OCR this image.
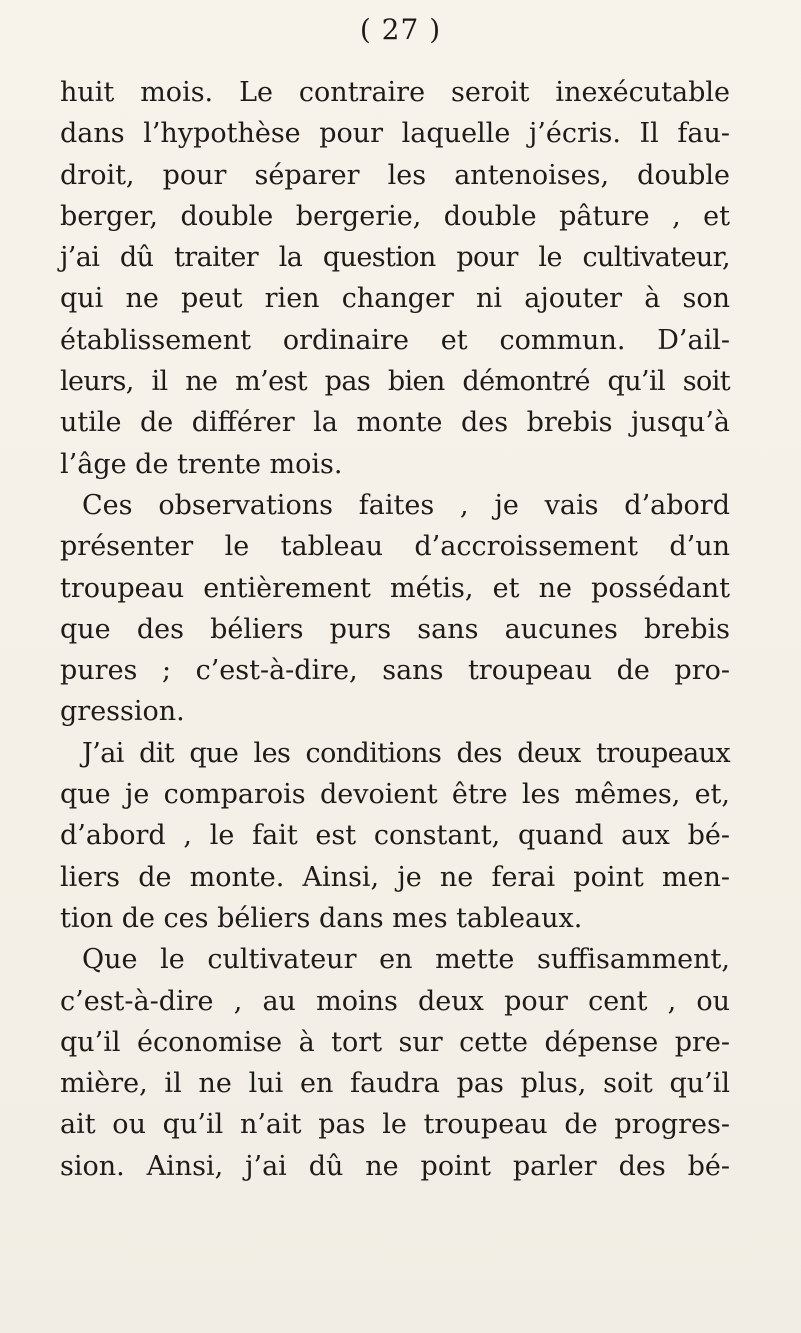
( 27 )
huit mois. Le contraire seroit inexécutable
dans l’hypothèse pour laquelle j’écris. Il fau-
droit, pour séparer les antenoises, double
berger, double bergerie, double pâture , et
j’ai dû traiter la question pour le cultivateur,
qui ne peut rien changer ni ajouter à son
établissement ordinaire et commun. D’ail-
leurs, il ne m’est pas bien démontré qu’il soit
utile de différer la monte des brebis jusqu’à
l’âge de trente mois.
Ces observations faites , je vais d’abord
présenter le tableau d’accroissement d’un
troupeau entièrement métis, et ne possédant
que des béliers purs sans aucunes brebis
pures ; c’est-à-dire, sans troupeau de pro-
gression.
J’ai dit que les conditions des deux troupeaux
que je comparois devoient être les mêmes, et,
d’abord , le fait est constant, quand aux bé-
liers de monte. Ainsi, je ne ferai point men-
tion de ces béliers dans mes tableaux.
Que le cultivateur en mette suffisamment,
c’est-à-dire , au moins deux pour cent , ou
qu’il économise à tort sur cette dépense pre-
mière, il ne lui en faudra pas plus, soit qu’il
ait ou qu’il n’ait pas le troupeau de progres-
sion. Ainsi, j’ai dû ne point parler des bé-
